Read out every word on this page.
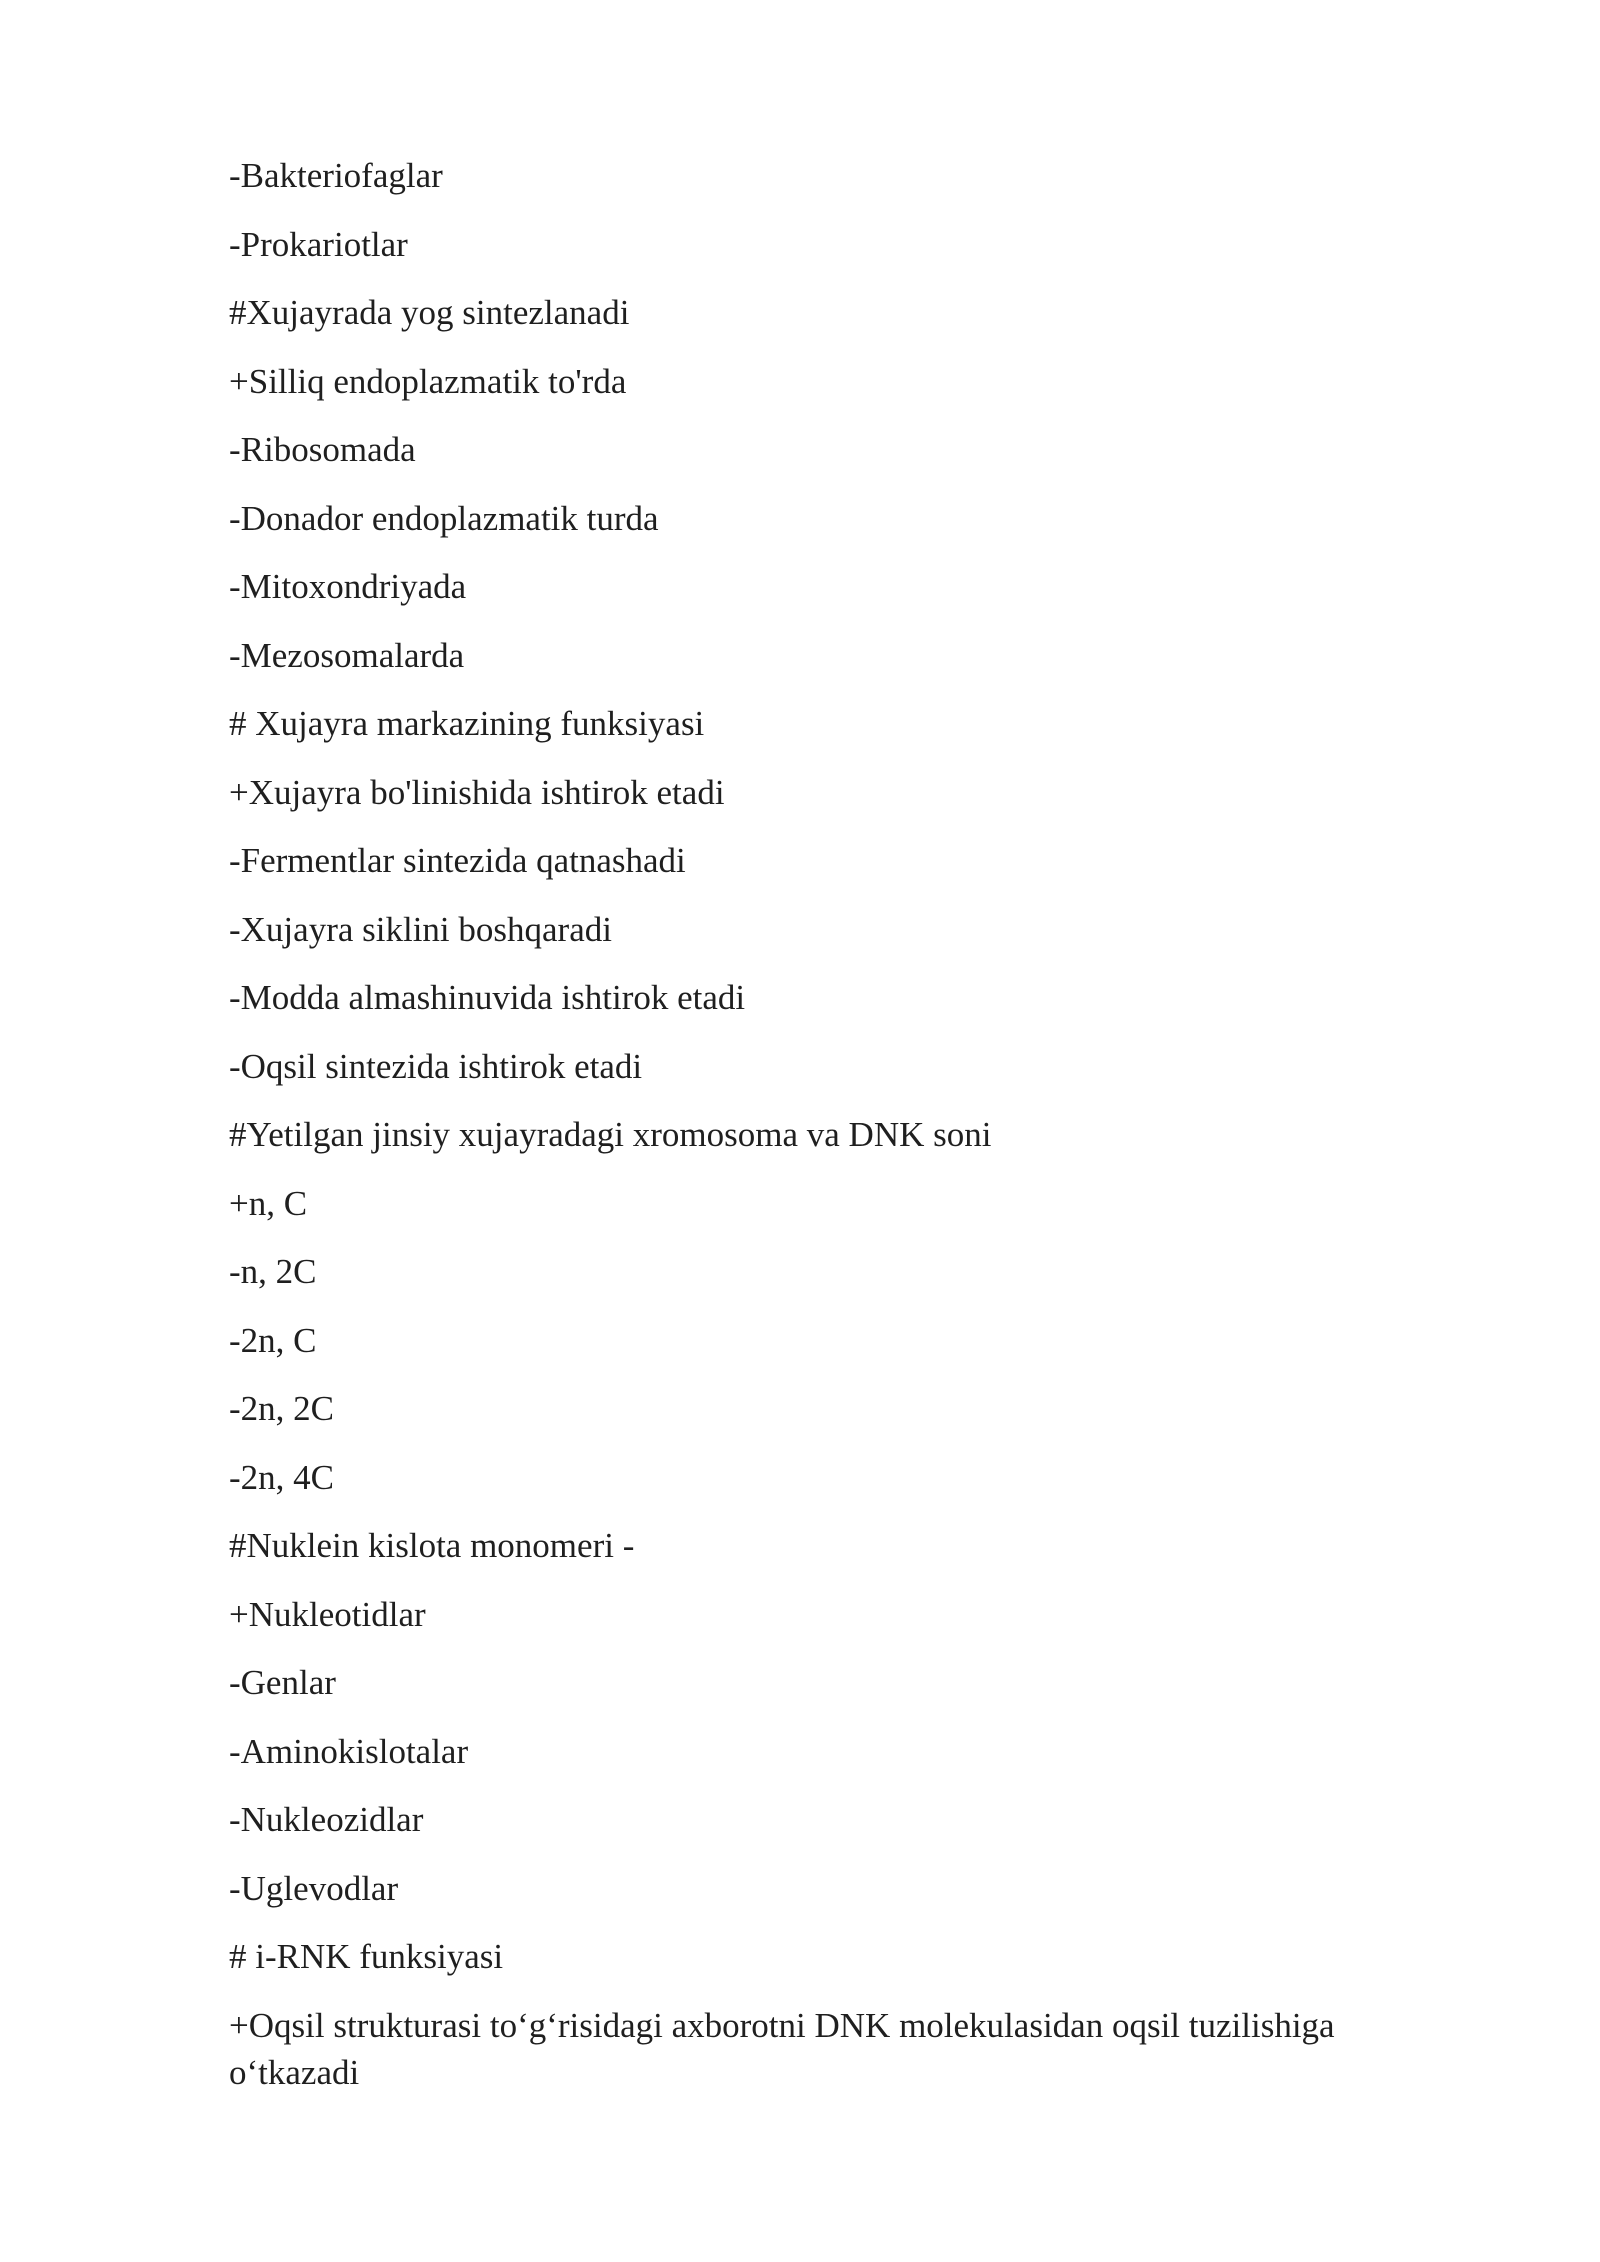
-Bakteriofaglar

-Prokariotlar

#Xujayrada yog sintezlanadi

+Silliq endoplazmatik to'rda

-Ribosomada

-Donador endoplazmatik turda

-Mitoxondriyada

-Mezosomalarda

# Xujayra markazining funksiyasi

+Xujayra bo'linishida ishtirok etadi

-Fermentlar sintezida qatnashadi

-Xujayra siklini boshqaradi

-Modda almashinuvida ishtirok etadi

-Oqsil sintezida ishtirok etadi

#Yetilgan jinsiy xujayradagi xromosoma va DNK soni

+n, C

-n, 2C

-2n, C

-2n, 2C

-2n, 4C

#Nuklein kislota monomeri -

+Nukleotidlar

-Genlar

-Aminokislotalar

-Nukleozidlar

-Uglevodlar

# i-RNK funksiyasi

+Oqsil strukturasi to‘g‘risidagi axborotni DNK molekulasidan oqsil tuzilishiga o‘tkazadi
